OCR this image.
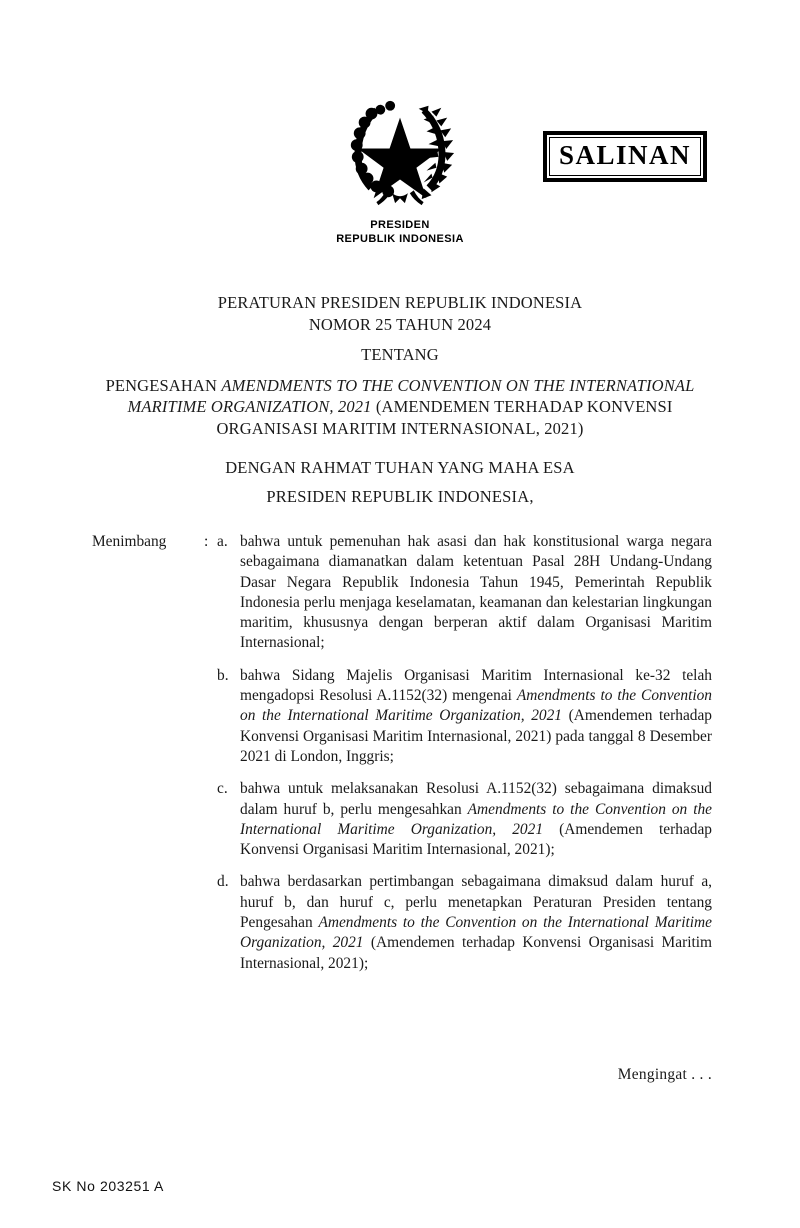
PRESIDEN
REPUBLIK INDONESIA
SALINAN
PERATURAN PRESIDEN REPUBLIK INDONESIA
NOMOR 25 TAHUN 2024
TENTANG
PENGESAHAN AMENDMENTS TO THE CONVENTION ON THE INTERNATIONAL
MARITIME ORGANIZATION, 2021 (AMENDEMEN TERHADAP KONVENSI
ORGANISASI MARITIM INTERNASIONAL, 2021)
DENGAN RAHMAT TUHAN YANG MAHA ESA
PRESIDEN REPUBLIK INDONESIA,
Menimbang	: a. bahwa untuk pemenuhan hak asasi dan hak konstitusional warga negara sebagaimana diamanatkan dalam ketentuan Pasal 28H Undang-Undang Dasar Negara Republik Indonesia Tahun 1945, Pemerintah Republik Indonesia perlu menjaga keselamatan, keamanan dan kelestarian lingkungan maritim, khususnya dengan berperan aktif dalam Organisasi Maritim Internasional;
b. bahwa Sidang Majelis Organisasi Maritim Internasional ke-32 telah mengadopsi Resolusi A.1152(32) mengenai Amendments to the Convention on the International Maritime Organization, 2021 (Amendemen terhadap Konvensi Organisasi Maritim Internasional, 2021) pada tanggal 8 Desember 2021 di London, Inggris;
c. bahwa untuk melaksanakan Resolusi A.1152(32) sebagaimana dimaksud dalam huruf b, perlu mengesahkan Amendments to the Convention on the International Maritime Organization, 2021 (Amendemen terhadap Konvensi Organisasi Maritim Internasional, 2021);
d. bahwa berdasarkan pertimbangan sebagaimana dimaksud dalam huruf a, huruf b, dan huruf c, perlu menetapkan Peraturan Presiden tentang Pengesahan Amendments to the Convention on the International Maritime Organization, 2021 (Amendemen terhadap Konvensi Organisasi Maritim Internasional, 2021);
Mengingat . . .
SK No 203251 A
